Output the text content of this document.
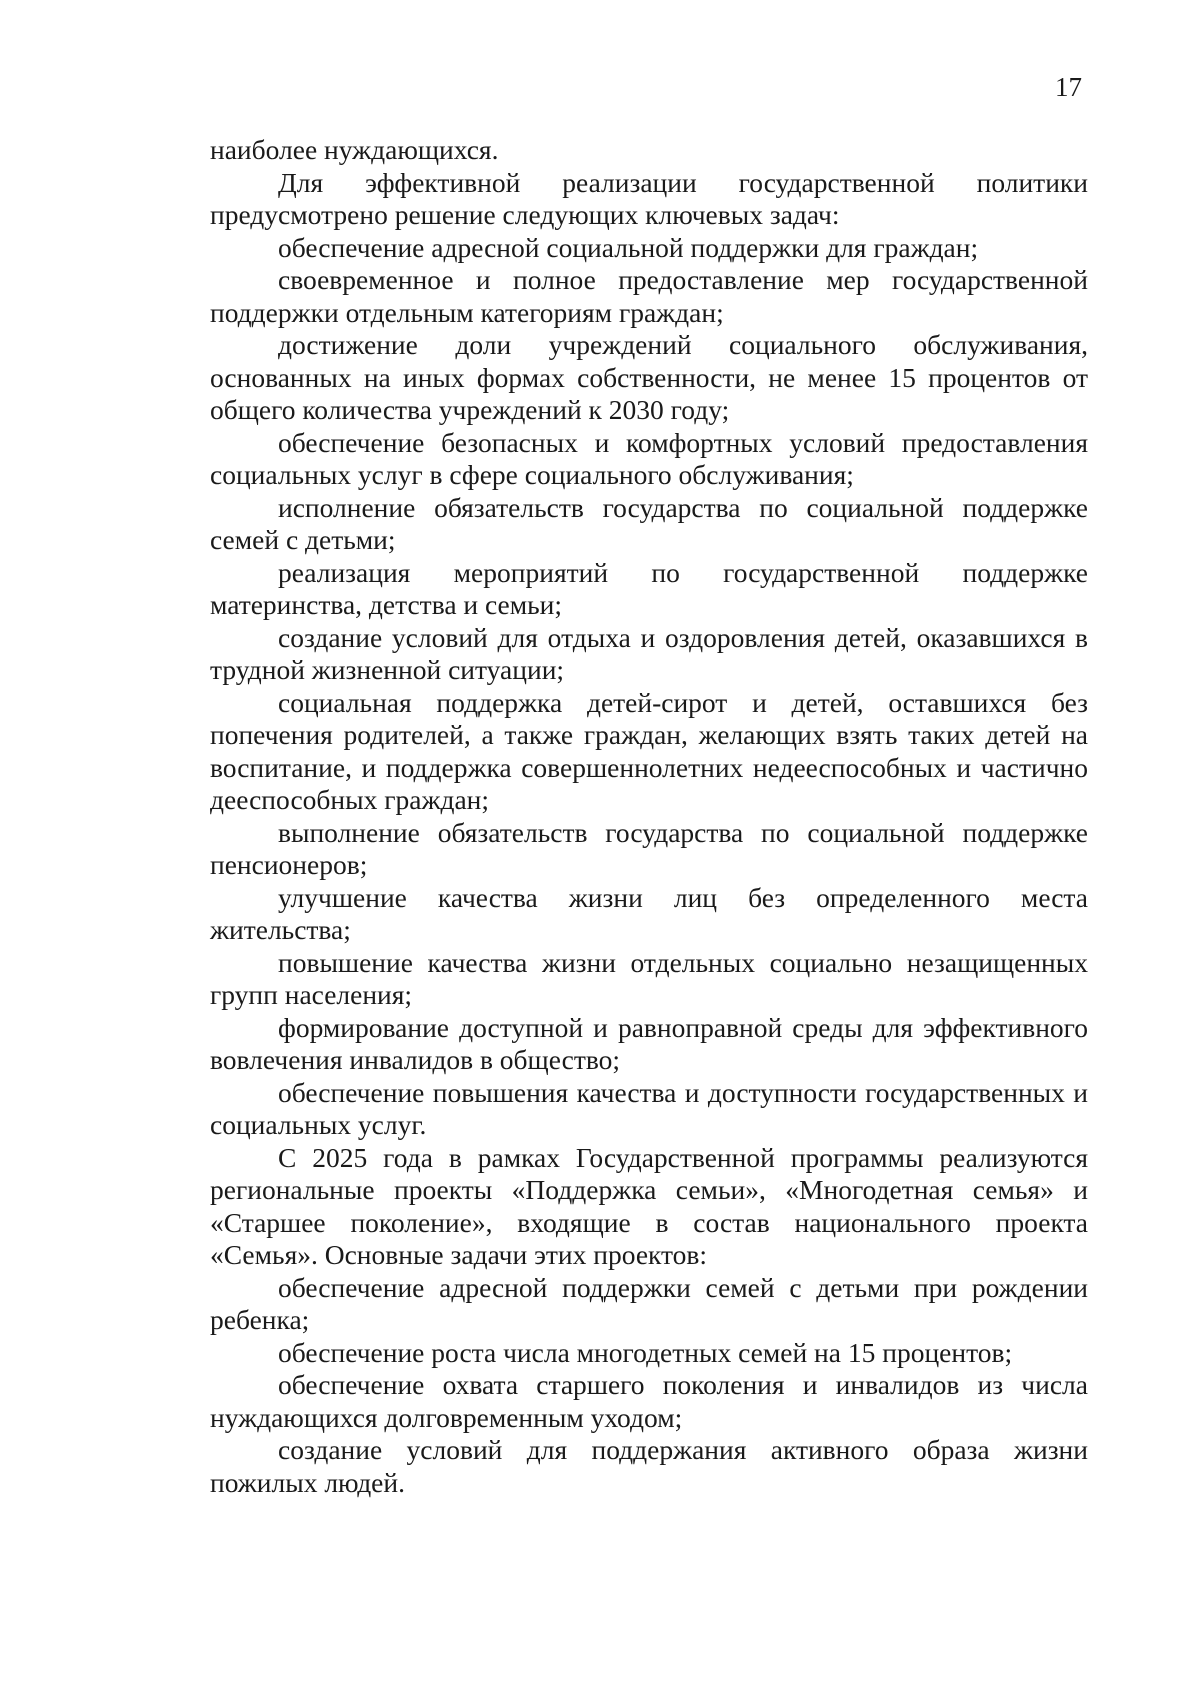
17

наиболее нуждающихся.

Для эффективной реализации государственной политики предусмотрено решение следующих ключевых задач:

обеспечение адресной социальной поддержки для граждан;

своевременное и полное предоставление мер государственной поддержки отдельным категориям граждан;

достижение доли учреждений социального обслуживания, основанных на иных формах собственности, не менее 15 процентов от общего количества учреждений к 2030 году;

обеспечение безопасных и комфортных условий предоставления социальных услуг в сфере социального обслуживания;

исполнение обязательств государства по социальной поддержке семей с детьми;

реализация мероприятий по государственной поддержке материнства, детства и семьи;

создание условий для отдыха и оздоровления детей, оказавшихся в трудной жизненной ситуации;

социальная поддержка детей-сирот и детей, оставшихся без попечения родителей, а также граждан, желающих взять таких детей на воспитание, и поддержка совершеннолетних недееспособных и частично дееспособных граждан;

выполнение обязательств государства по социальной поддержке пенсионеров;

улучшение качества жизни лиц без определенного места жительства;

повышение качества жизни отдельных социально незащищенных групп населения;

формирование доступной и равноправной среды для эффективного вовлечения инвалидов в общество;

обеспечение повышения качества и доступности государственных и социальных услуг.

С 2025 года в рамках Государственной программы реализуются региональные проекты «Поддержка семьи», «Многодетная семья» и «Старшее поколение», входящие в состав национального проекта «Семья». Основные задачи этих проектов:

обеспечение адресной поддержки семей с детьми при рождении ребенка;

обеспечение роста числа многодетных семей на 15 процентов;

обеспечение охвата старшего поколения и инвалидов из числа нуждающихся долговременным уходом;

создание условий для поддержания активного образа жизни пожилых людей.
